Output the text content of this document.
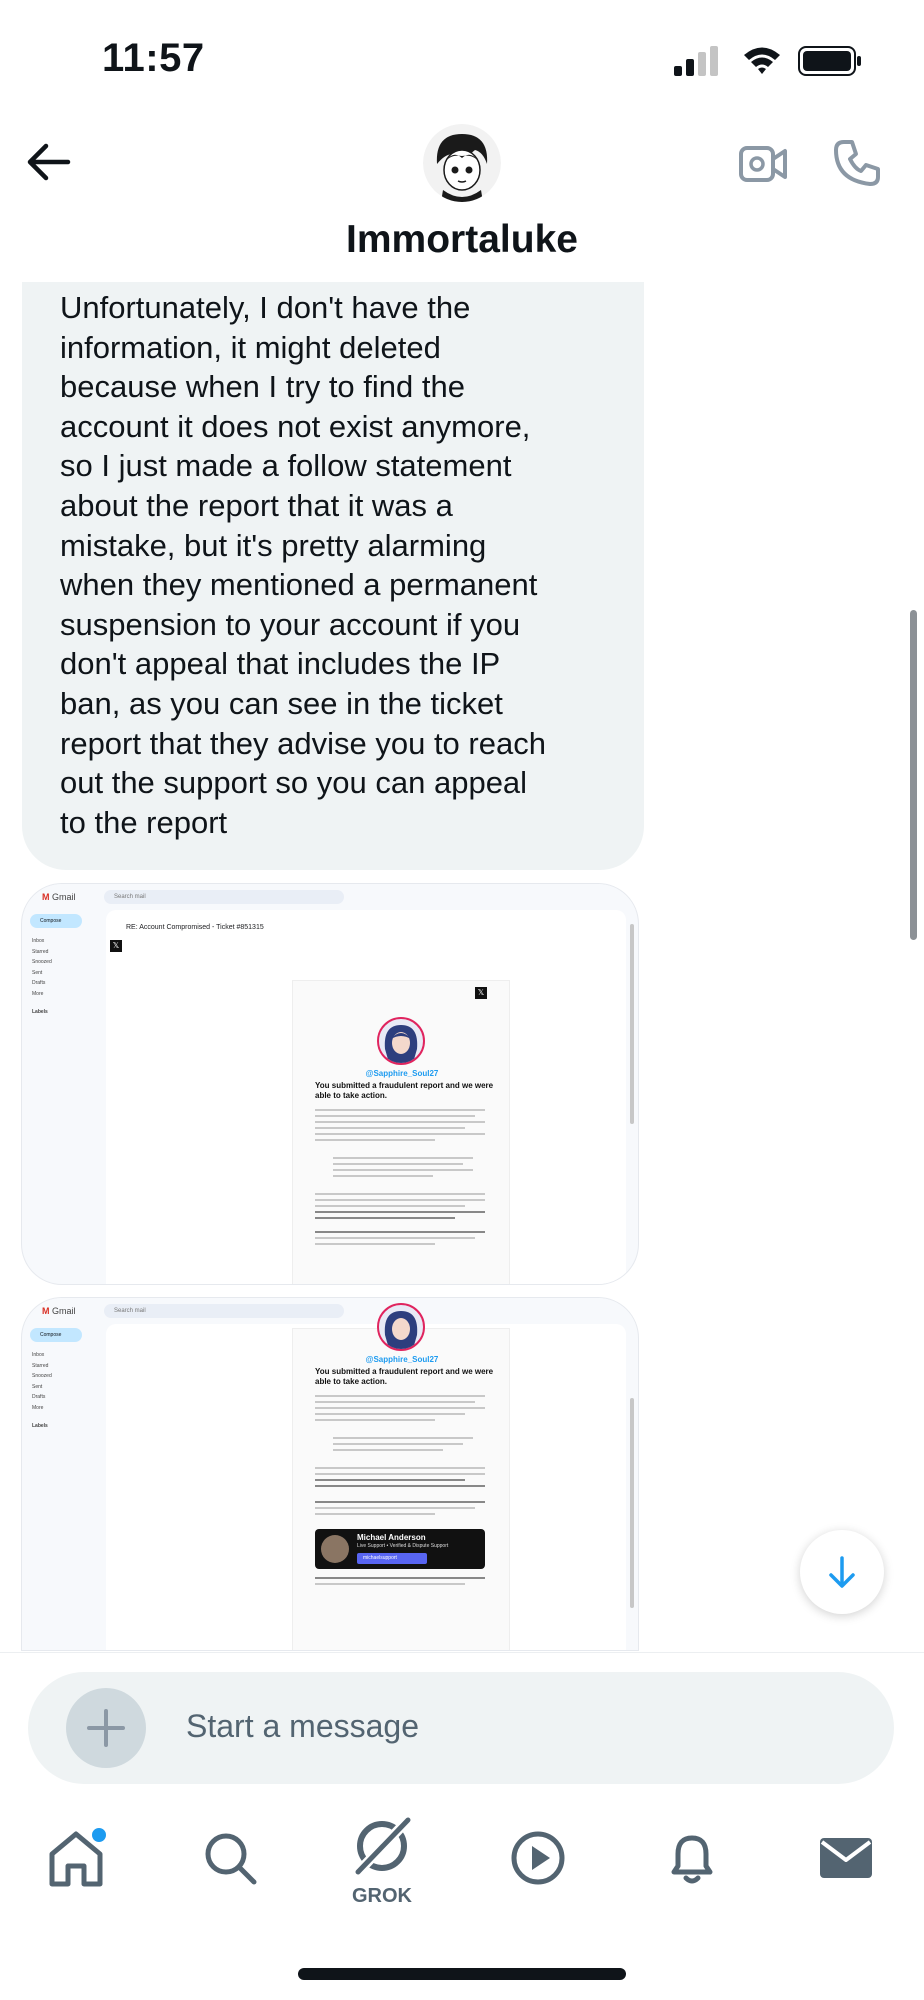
11:57
Immortaluke
Unfortunately, I don't have the
information, it might deleted
because when I try to find the
account it does not exist anymore,
so I just made a follow statement
about the report that it was a
mistake, but it's pretty alarming
when they mentioned a permanent
suspension to your account if you
don't appeal that includes the IP
ban, as you can see in the ticket
report that they advise you to reach
out the support so you can appeal
to the report
M Gmail	Search mail
Compose
Inbox
Starred
Snoozed
Sent
Drafts
More
Labels
RE: Account Compromised - Ticket #851315
𝕏
𝕏
@Sapphire_Soul27
You submitted a fraudulent report and we were able to take action.
M Gmail	Search mail
Compose
Inbox
Starred
Snoozed
Sent
Drafts
More
Labels
@Sapphire_Soul27
You submitted a fraudulent report and we were able to take action.
Michael Anderson
Live Support • Verified & Dispute Support
michaelsupport
Start a message
GROK
